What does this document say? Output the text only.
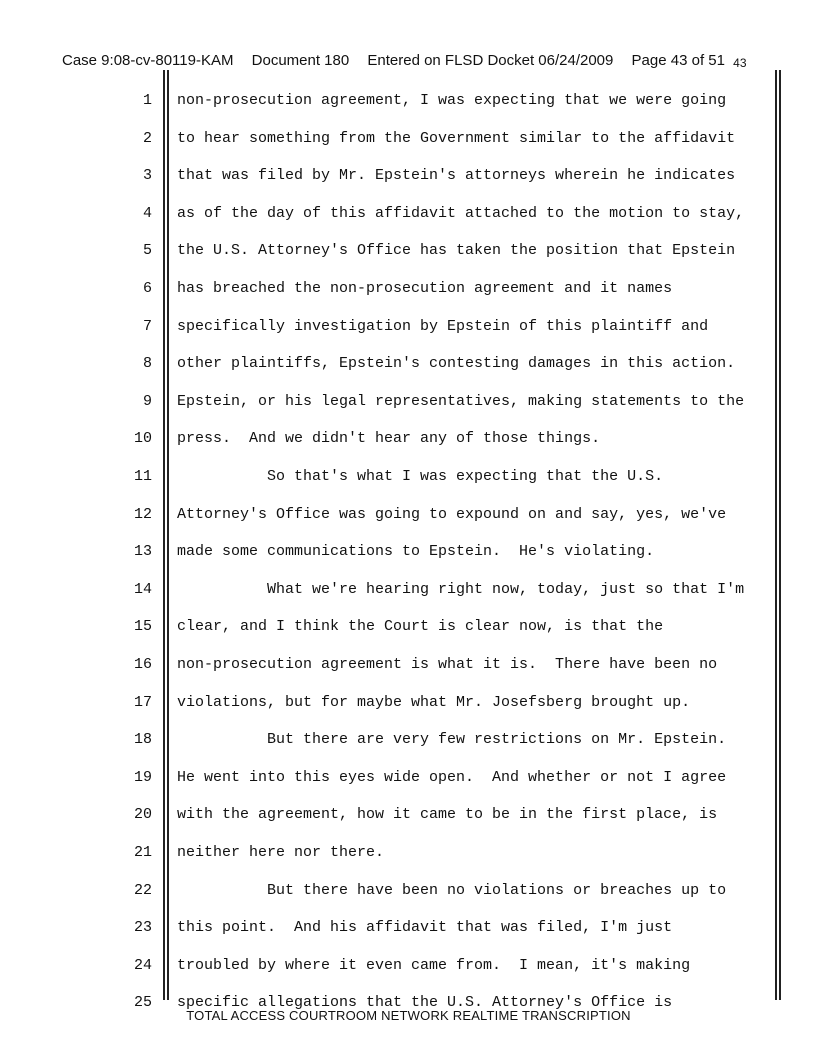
Case 9:08-cv-80119-KAM Document 180 Entered on FLSD Docket 06/24/2009 Page 43 of 51 43
1 non-prosecution agreement, I was expecting that we were going
2 to hear something from the Government similar to the affidavit
3 that was filed by Mr. Epstein's attorneys wherein he indicates
4 as of the day of this affidavit attached to the motion to stay,
5 the U.S. Attorney's Office has taken the position that Epstein
6 has breached the non-prosecution agreement and it names
7 specifically investigation by Epstein of this plaintiff and
8 other plaintiffs, Epstein's contesting damages in this action.
9 Epstein, or his legal representatives, making statements to the
10 press.  And we didn't hear any of those things.
11 So that's what I was expecting that the U.S.
12 Attorney's Office was going to expound on and say, yes, we've
13 made some communications to Epstein.  He's violating.
14 What we're hearing right now, today, just so that I'm
15 clear, and I think the Court is clear now, is that the
16 non-prosecution agreement is what it is.  There have been no
17 violations, but for maybe what Mr. Josefsberg brought up.
18 But there are very few restrictions on Mr. Epstein.
19 He went into this eyes wide open.  And whether or not I agree
20 with the agreement, how it came to be in the first place, is
21 neither here nor there.
22 But there have been no violations or breaches up to
23 this point.  And his affidavit that was filed, I'm just
24 troubled by where it even came from.  I mean, it's making
25 specific allegations that the U.S. Attorney's Office is
TOTAL ACCESS COURTROOM NETWORK REALTIME TRANSCRIPTION
